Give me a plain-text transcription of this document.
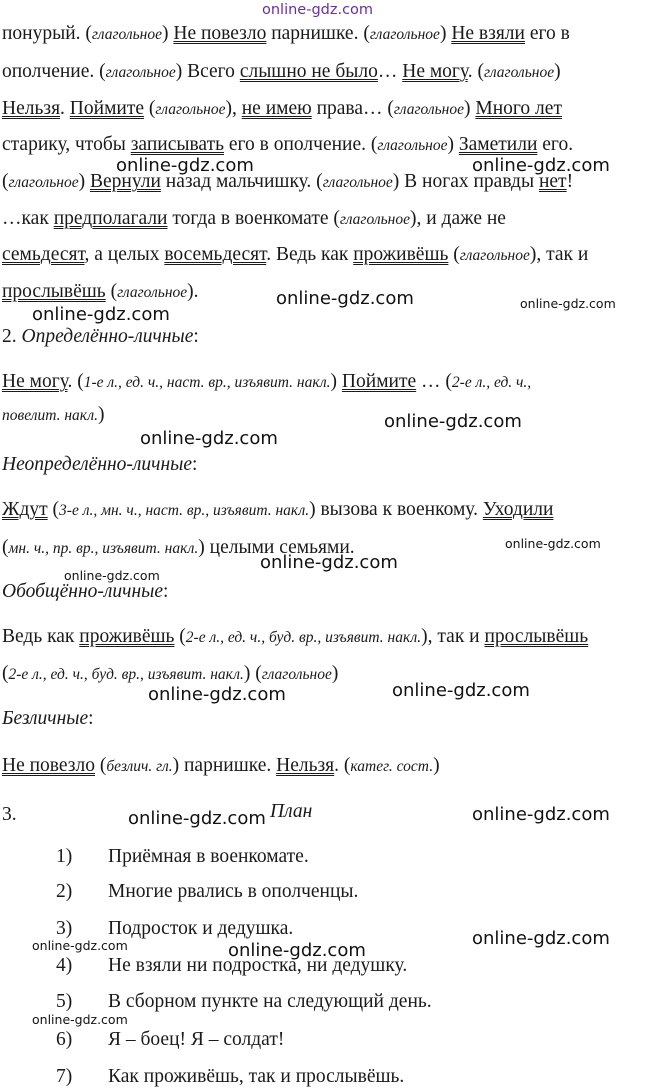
понурый. (глагольное) Не повезло парнишке. (глагольное) Не взяли его в
ополчение. (глагольное) Всего слышно не было… Не могу. (глагольное)
Нельзя. Поймите (глагольное), не имею права… (глагольное) Много лет
старику, чтобы записывать его в ополчение. (глагольное) Заметили его.
(глагольное) Вернули назад мальчишку. (глагольное) В ногах правды нет!
…как предполагали тогда в военкомате (глагольное), и даже не
семьдесят, а целых восемьдесят. Ведь как проживёшь (глагольное), так и
прослывёшь (глагольное).
2. Определённо-личные:
Не могу. (1-е л., ед. ч., наст. вр., изъявит. накл.) Поймите … (2-е л., ед. ч.,
повелит. накл.)
Неопределённо-личные:
Ждут (3-е л., мн. ч., наст. вр., изъявит. накл.) вызова к военкому. Уходили
(мн. ч., пр. вр., изъявит. накл.) целыми семьями.
Обобщённо-личные:
Ведь как проживёшь (2-е л., ед. ч., буд. вр., изъявит. накл.), так и прослывёшь
(2-е л., ед. ч., буд. вр., изъявит. накл.) (глагольное)
Безличные:
Не повезло (безлич. гл.) парнишке. Нельзя. (катег. сост.)
3.	План
1) Приёмная в военкомате.
2) Многие рвались в ополченцы.
3) Подросток и дедушка.
4) Не взяли ни подростка, ни дедушку.
5) В сборном пункте на следующий день.
6) Я – боец! Я – солдат!
7) Как проживёшь, так и прослывёшь.
online-gdz.com
online-gdz.com	online-gdz.com
online-gdz.com	online-gdz.com
online-gdz.com
online-gdz.com
online-gdz.com
online-gdz.com
online-gdz.com
online-gdz.com
online-gdz.com
online-gdz.com
online-gdz.com	online-gdz.com
online-gdz.com
online-gdz.com
online-gdz.com
online-gdz.com
